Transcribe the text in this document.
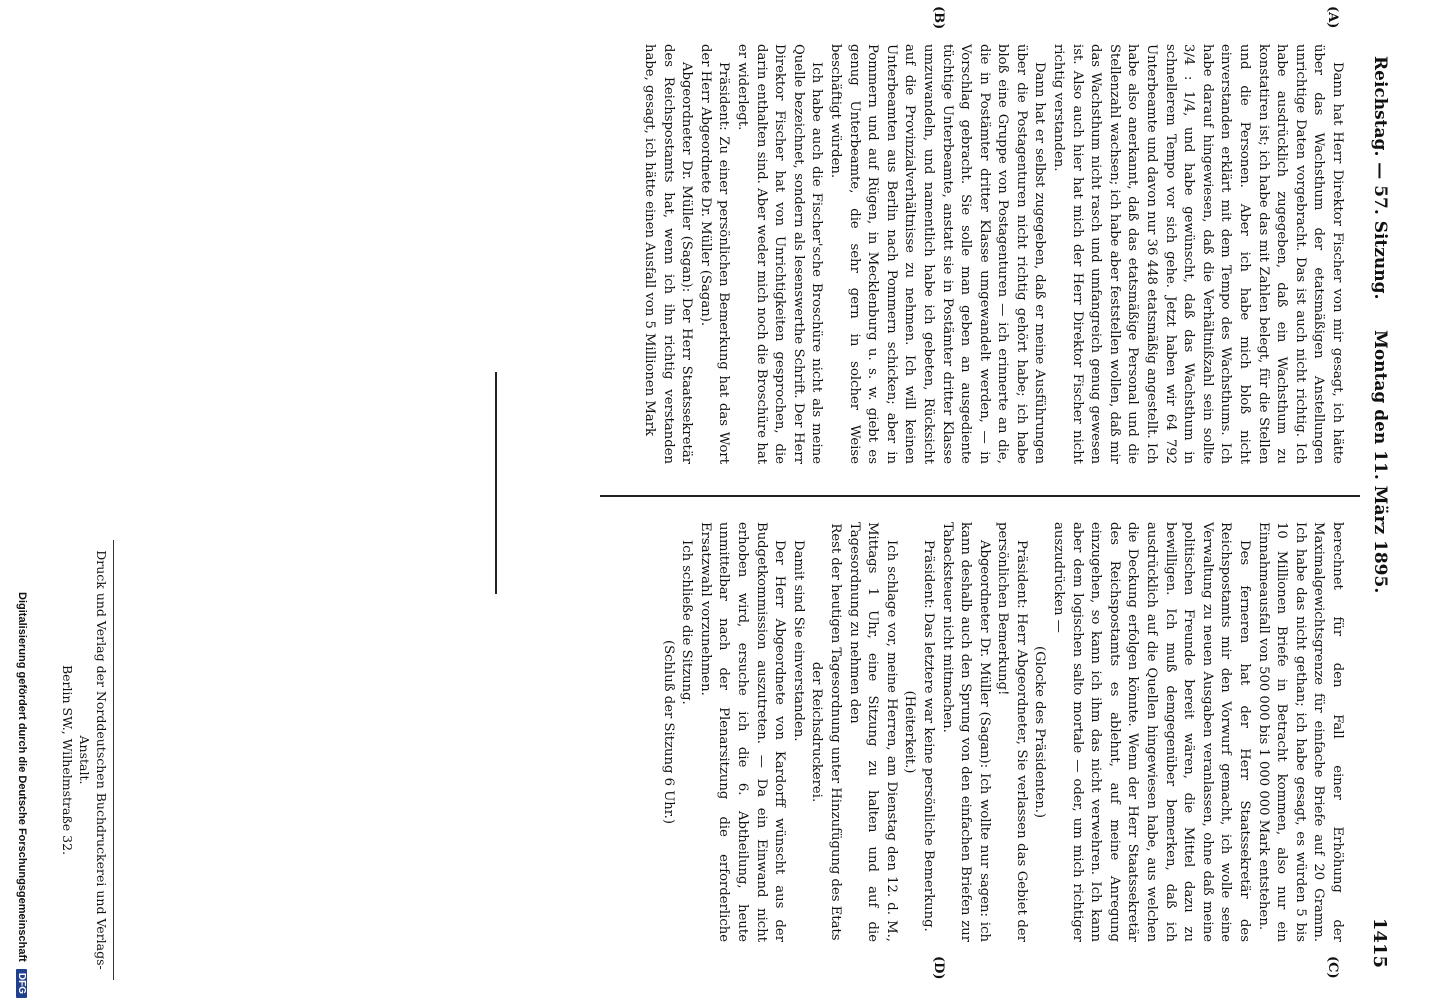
Reichstag. — 57. Sitzung.
Montag den 11. März 1895.
1415
(A)
(B)
(C)
(D)

Dann hat Herr Direktor Fischer von mir gesagt, ich hätte über das Wachsthum der etatsmäßigen Anstellungen unrichtige Daten vorgebracht. Das ist auch nicht richtig. Ich habe ausdrücklich zugegeben, daß ein Wachsthum zu konstatiren ist; ich habe das mit Zahlen belegt, für die Stellen und die Personen. Aber ich habe mich bloß nicht einverstanden erklärt mit dem Tempo des Wachsthums. Ich habe darauf hingewiesen, daß die Verhältnißzahl sein sollte 3/4 : 1/4, und habe gewünscht, daß das Wachsthum in schnellerem Tempo vor sich gehe. Jetzt haben wir 64 792 Unterbeamte und davon nur 36 448 etatsmäßig angestellt. Ich habe also anerkannt, daß das etatsmäßige Personal und die Stellenzahl wachsen; ich habe aber feststellen wollen, daß mir das Wachsthum nicht rasch und umfangreich genug gewesen ist. Also auch hier hat mich der Herr Direktor Fischer nicht richtig verstanden.

Dann hat er selbst zugegeben, daß er meine Ausführungen über die Postagenturen nicht richtig gehört habe; ich habe bloß eine Gruppe von Postagenturen — ich erinnerte an die, die in Postämter dritter Klasse umgewandelt werden, — in Vorschlag gebracht. Sie solle man geben an ausgediente tüchtige Unterbeamte, anstatt sie in Postämter dritter Klasse umzuwandeln, und namentlich habe ich gebeten, Rücksicht auf die Provinzialverhältnisse zu nehmen. Ich will keinen Unterbeamten aus Berlin nach Pommern schicken; aber in Pommern und auf Rügen, in Mecklenburg u. s. w. giebt es genug Unterbeamte, die sehr gern in solcher Weise beschäftigt würden.

Ich habe auch die Fischer'sche Broschüre nicht als meine Quelle bezeichnet, sondern als lesenswerthe Schrift. Der Herr Direktor Fischer hat von Unrichtigkeiten gesprochen, die darin enthalten sind. Aber weder mich noch die Broschüre hat er widerlegt.

Präsident: Zu einer persönlichen Bemerkung hat das Wort der Herr Abgeordnete Dr. Müller (Sagan).

Abgeordneter Dr. Müller (Sagan): Der Herr Staatssekretär des Reichspostamts hat, wenn ich ihn richtig verstanden habe, gesagt, ich hätte einen Ausfall von 5 Millionen Mark

berechnet für den Fall einer Erhöhung der Maximalgewichtsgrenze für einfache Briefe auf 20 Gramm. Ich habe das nicht gethan; ich habe gesagt, es würden 5 bis 10 Millionen Briefe in Betracht kommen, also nur ein Einnahmeausfall von 500 000 bis 1 000 000 Mark entstehen.

Des ferneren hat der Herr Staatssekretär des Reichspostamts mir den Vorwurf gemacht, ich wolle seine Verwaltung zu neuen Ausgaben veranlassen, ohne daß meine politischen Freunde bereit wären, die Mittel dazu zu bewilligen. Ich muß demgegenüber bemerken, daß ich ausdrücklich auf die Quellen hingewiesen habe, aus welchen die Deckung erfolgen könnte. Wenn der Herr Staatssekretär des Reichspostamts es ablehnt, auf meine Anregung einzugehen, so kann ich ihm das nicht verwehren. Ich kann aber dem logischen salto mortale — oder, um mich richtiger auszudrücken —

(Glocke des Präsidenten.)

Präsident: Herr Abgeordneter, Sie verlassen das Gebiet der persönlichen Bemerkung!

Abgeordneter Dr. Müller (Sagan): Ich wollte nur sagen: ich kann deshalb auch den Sprung von den einfachen Briefen zur Tabacksteuer nicht mitmachen.

Präsident: Das letztere war keine persönliche Bemerkung.

(Heiterkeit.)

Ich schlage vor, meine Herren, am Dienstag den 12. d. M., Mittags 1 Uhr, eine Sitzung zu halten und auf die Tagesordnung zu nehmen den

Rest der heutigen Tagesordnung unter Hinzufügung des Etats der Reichsdruckerei.

Damit sind Sie einverstanden.

Der Herr Abgeordnete von Kardorff wünscht aus der Budgetkommission auszutreten. — Da ein Einwand nicht erhoben wird, ersuche ich die 6. Abtheilung, heute unmittelbar nach der Plenarsitzung die erforderliche Ersatzwahl vorzunehmen.

Ich schließe die Sitzung.

(Schluß der Sitzung 6 Uhr.)

Druck und Verlag der Norddeutschen Buchdruckerei und Verlags-Anstalt.
Berlin SW., Wilhelmstraße 32.
Digitalisierung gefördert durch die Deutsche Forschungsgemeinschaft DFG
